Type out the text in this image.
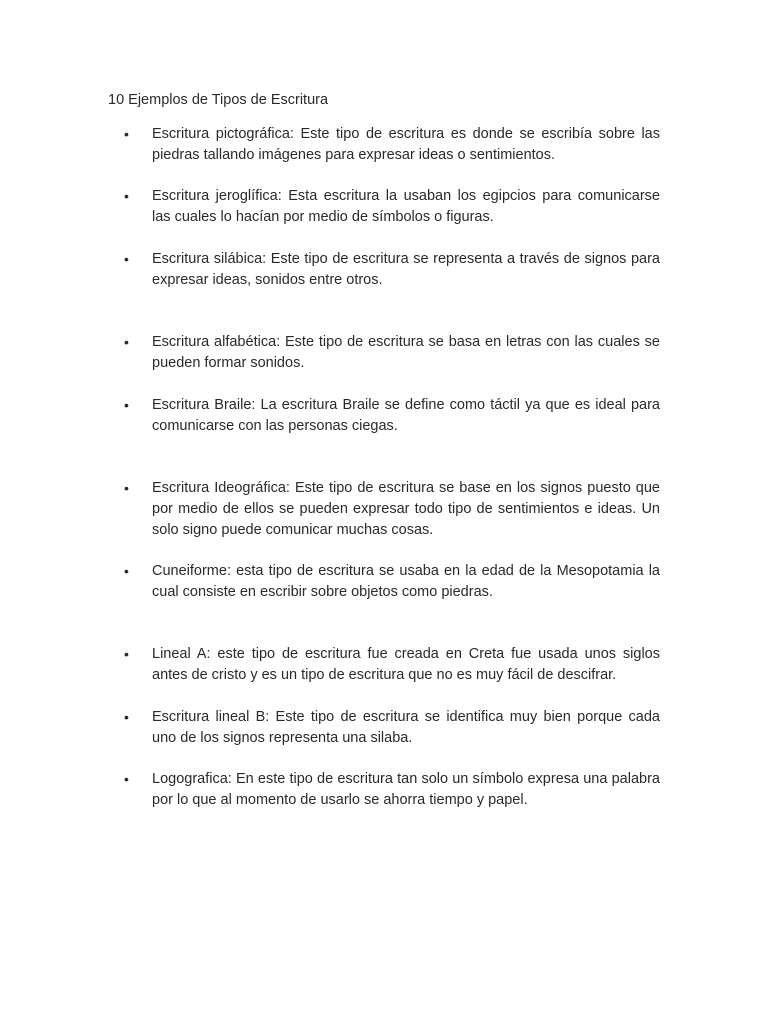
10 Ejemplos de Tipos de Escritura
• Escritura pictográfica: Este tipo de escritura es donde se escribía sobre las piedras tallando imágenes para expresar ideas o sentimientos.
• Escritura jeroglífica: Esta escritura la usaban los egipcios para comunicarse las cuales lo hacían por medio de símbolos o figuras.
• Escritura silábica: Este tipo de escritura se representa a través de signos para expresar ideas, sonidos entre otros.
• Escritura alfabética: Este tipo de escritura se basa en letras con las cuales se pueden formar sonidos.
• Escritura Braile: La escritura Braile se define como táctil ya que es ideal para comunicarse con las personas ciegas.
• Escritura Ideográfica: Este tipo de escritura se base en los signos puesto que por medio de ellos se pueden expresar todo tipo de sentimientos e ideas. Un solo signo puede comunicar muchas cosas.
• Cuneiforme: esta tipo de escritura se usaba en la edad de la Mesopotamia la cual consiste en escribir sobre objetos como piedras.
• Lineal A: este tipo de escritura fue creada en Creta fue usada unos siglos antes de cristo y es un tipo de escritura que no es muy fácil de descifrar.
• Escritura lineal B: Este tipo de escritura se identifica muy bien porque cada uno de los signos representa una silaba.
• Logografica: En este tipo de escritura tan solo un símbolo expresa una palabra por lo que al momento de usarlo se ahorra tiempo y papel.
